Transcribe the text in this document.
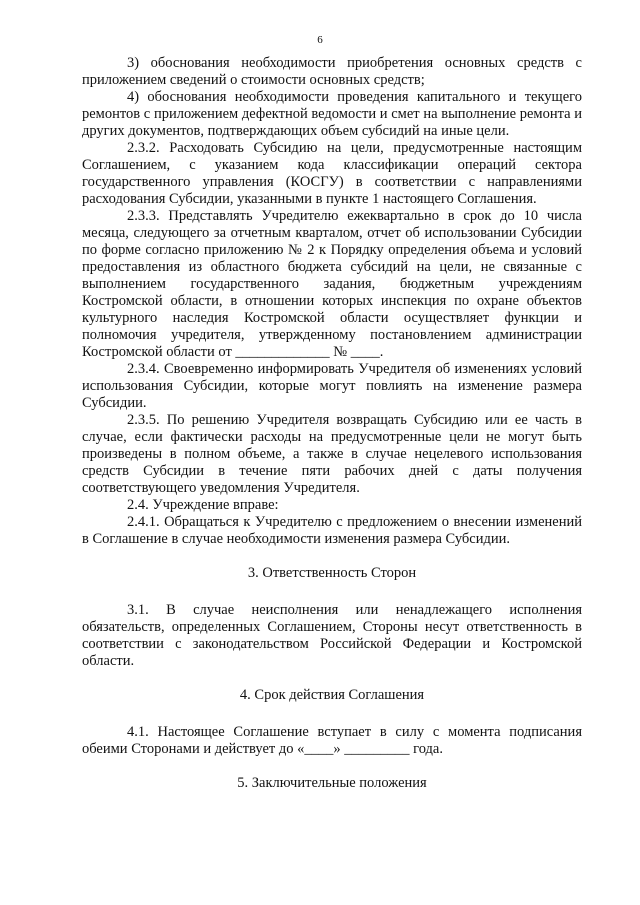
6

3) обоснования необходимости приобретения основных средств с приложением сведений о стоимости основных средств;

4) обоснования необходимости проведения капитального и текущего ремонтов с приложением дефектной ведомости и смет на выполнение ремонта и других документов, подтверждающих объем субсидий на иные цели.

2.3.2. Расходовать Субсидию на цели, предусмотренные настоящим Соглашением, с указанием кода классификации операций сектора государственного управления (КОСГУ) в соответствии с направлениями расходования Субсидии, указанными в пункте 1 настоящего Соглашения.

2.3.3. Представлять Учредителю ежеквартально в срок до 10 числа месяца, следующего за отчетным кварталом, отчет об использовании Субсидии по форме согласно приложению № 2 к Порядку определения объема и условий предоставления из областного бюджета субсидий на цели, не связанные с выполнением государственного задания, бюджетным учреждениям Костромской области, в отношении которых инспекция по охране объектов культурного наследия Костромской области осуществляет функции и полномочия учредителя, утвержденному постановлением администрации Костромской области от _____________ № ____.

2.3.4. Своевременно информировать Учредителя об изменениях условий использования Субсидии, которые могут повлиять на изменение размера Субсидии.

2.3.5. По решению Учредителя возвращать Субсидию или ее часть в случае, если фактически расходы на предусмотренные цели не могут быть произведены в полном объеме, а также в случае нецелевого использования средств Субсидии в течение пяти рабочих дней с даты получения соответствующего уведомления Учредителя.

2.4. Учреждение вправе:

2.4.1. Обращаться к Учредителю с предложением о внесении изменений в Соглашение в случае необходимости изменения размера Субсидии.

3. Ответственность Сторон

3.1. В случае неисполнения или ненадлежащего исполнения обязательств, определенных Соглашением, Стороны несут ответственность в соответствии с законодательством Российской Федерации и Костромской области.

4. Срок действия Соглашения

4.1. Настоящее Соглашение вступает в силу с момента подписания обеими Сторонами и действует до «____» _________ года.

5. Заключительные положения
